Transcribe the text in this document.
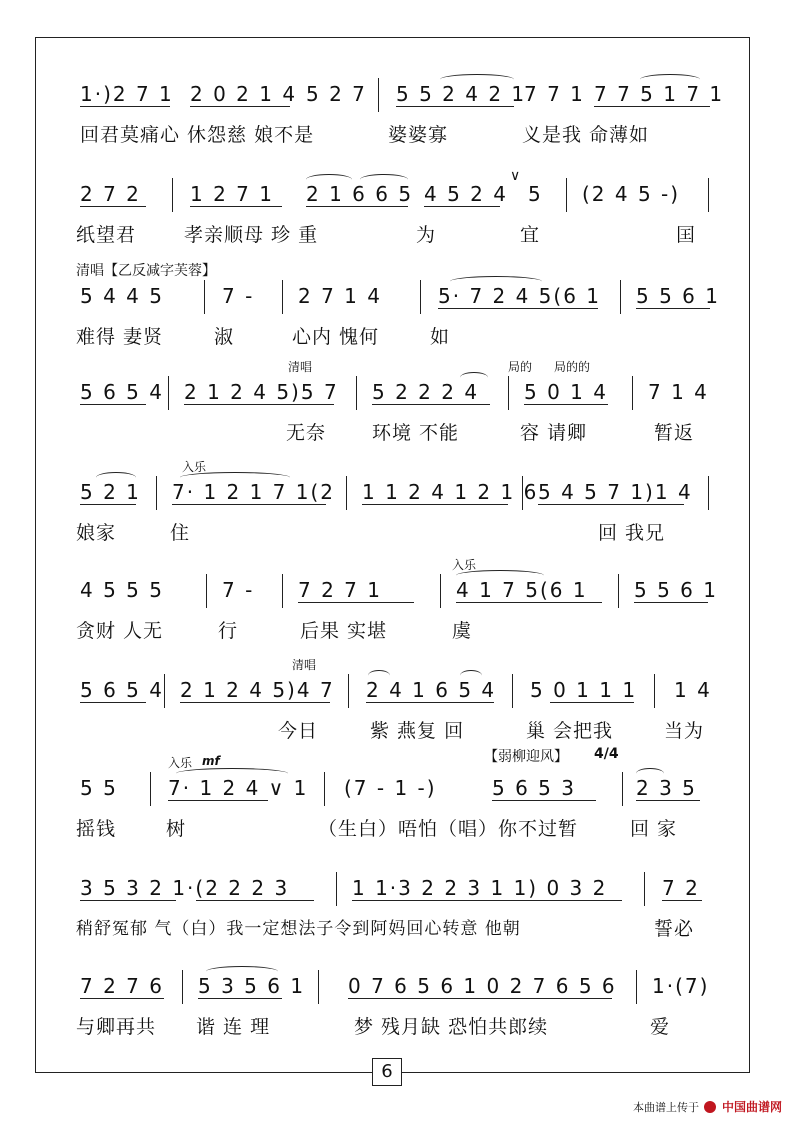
1·)2 7 1 2 0 2 1 4 5 2 7 5 5 2 4 2 1
7 7 1 7 7 5 1 7 1
回君莫痛心 休怨慈 娘不是	婆婆寡	义是我 命薄如
2 7 2 1 2 7 1 2 1 6 6 5 4 5 2 4
∨
5 (2 4 5 -)
纸望君	孝亲顺母 珍 重	为	宜	囯
清唱【乙反减字芙蓉】
5 4 4 5	7 - 2 7 1 4	5· 7 2 4 5(6 1 5 5 6 1
难得 妻贤	淑	心内 愧何	如
清唱	局的 局的的
5 6 5 4 2 1 2 4 5)5 7 5 2 2 2 4 5 0 1 4 7 1 4
无奈 环境 不能	容 请卿	暂返
入乐
5 2 1 7· 1 2 1 7 1(2 1 1 2 4 1 2 1 6 5 4 5 7 1)1 4
娘家	住	回 我兄
入乐
4 5 5 5	7 - 7 2 7 1	4 1 7 5(6 1 5 5 6 1
贪财 人无	行	后果 实堪	虞
清唱
5 6 5 4 2 1 2 4 5)4 7 2 4 1 6 5 4 5 0 1 1 1 1 4
今日	紫 燕复 回	巢 会把我	当为
入乐 mf	【弱柳迎风】 4/4
5 5	7· 1 2 4 ∨ 1 (7 - 1 -)	5 6 5 3	2 3 5
摇钱	树	（生白）唔怕（唱）你不过暂	回 家
3 5 3 2 1·(2 2 2 3	1 1·3 2 2 3 1 1) 0 3 2	7 2
稍舒冤郁 气（白）我一定想法子令到阿妈回心转意 他朝	誓必
7 2 7 6 5 3 5 6 1 0 7 6 5 6 1 0 2 7 6 5 6 1·(7)
与卿再共 谐 连 理	梦 残月缺 恐怕共郎续	爱
6
本曲谱上传于 中国曲谱网
